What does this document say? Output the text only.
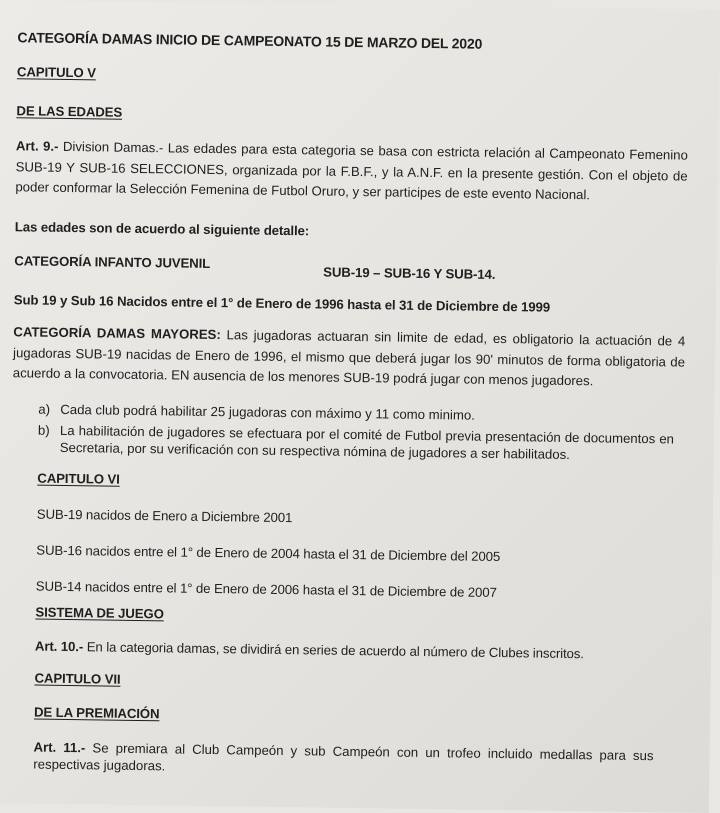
CATEGORÍA DAMAS INICIO DE CAMPEONATO 15 DE MARZO DEL 2020
CAPITULO V
DE LAS EDADES
Art. 9.- Division Damas.- Las edades para esta categoria se basa con estricta relación al Campeonato Femenino SUB-19 Y SUB-16 SELECCIONES, organizada por la F.B.F., y la A.N.F. en la presente gestión. Con el objeto de poder conformar la Selección Femenina de Futbol Oruro, y ser participes de este evento Nacional.
Las edades son de acuerdo al siguiente detalle:
CATEGORÍA INFANTO JUVENIL
SUB-19 – SUB-16 Y SUB-14.
Sub 19 y Sub 16 Nacidos entre el 1° de Enero de 1996 hasta el 31 de Diciembre de 1999
CATEGORÍA DAMAS MAYORES: Las jugadoras actuaran sin limite de edad, es obligatorio la actuación de 4 jugadoras SUB-19 nacidas de Enero de 1996, el mismo que deberá jugar los 90' minutos de forma obligatoria de acuerdo a la convocatoria. EN ausencia de los menores SUB-19 podrá jugar con menos jugadores.
a) Cada club podrá habilitar 25 jugadoras con máximo y 11 como minimo.
b) La habilitación de jugadores se efectuara por el comité de Futbol previa presentación de documentos en Secretaria, por su verificación con su respectiva nómina de jugadores a ser habilitados.
CAPITULO VI
SUB-19 nacidos de Enero a Diciembre 2001
SUB-16 nacidos entre el 1° de Enero de 2004 hasta el 31 de Diciembre del 2005
SUB-14 nacidos entre el 1° de Enero de 2006 hasta el 31 de Diciembre de 2007
SISTEMA DE JUEGO
Art. 10.- En la categoria damas, se dividirá en series de acuerdo al número de Clubes inscritos.
CAPITULO VII
DE LA PREMIACIÓN
Art. 11.- Se premiara al Club Campeón y sub Campeón con un trofeo incluido medallas para sus respectivas jugadoras.
